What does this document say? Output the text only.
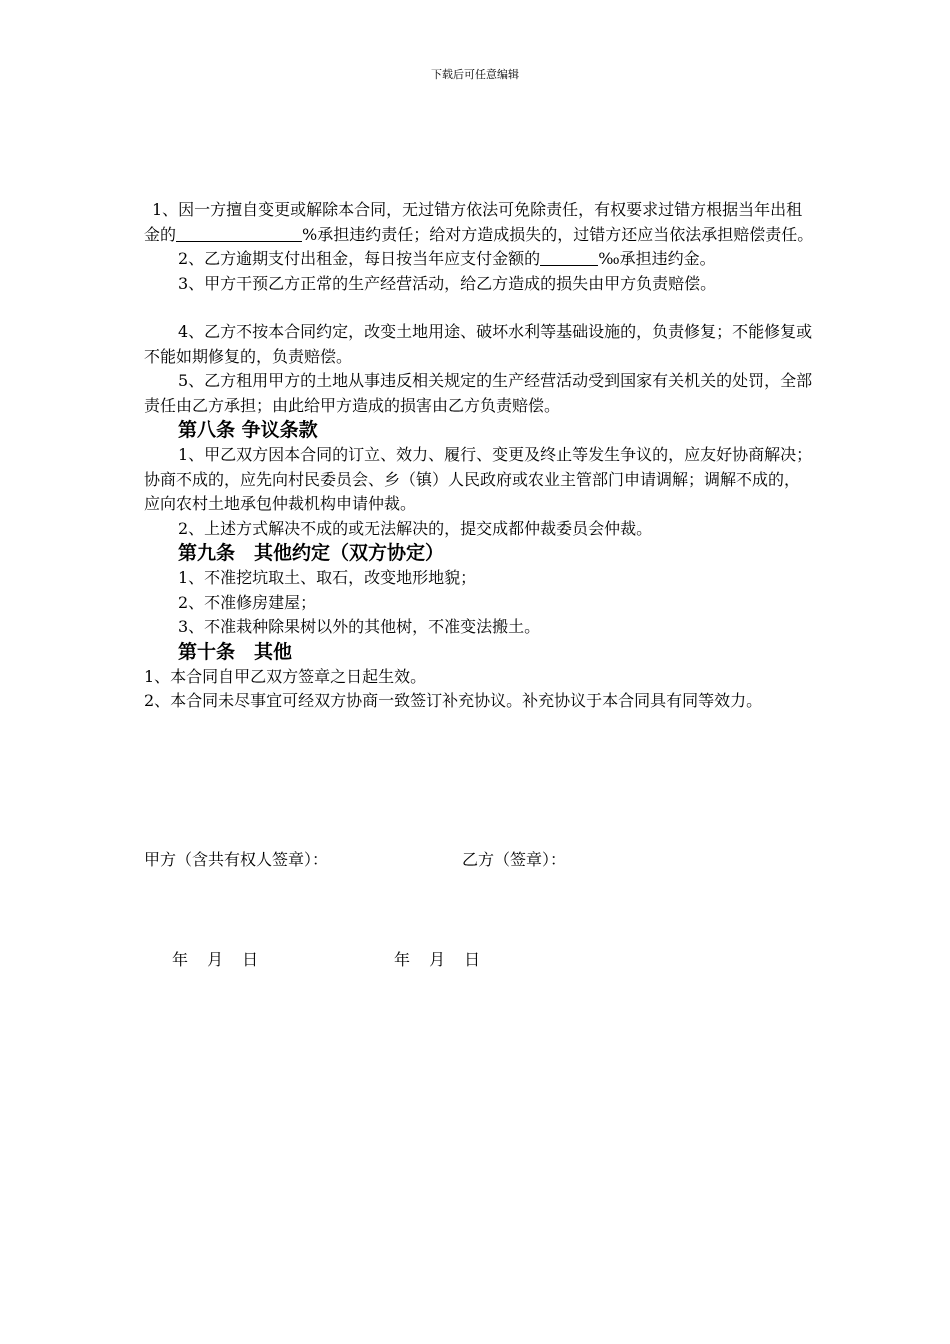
下载后可任意编辑

1、因一方擅自变更或解除本合同，无过错方依法可免除责任，有权要求过错方根据当年出租金的	%承担违约责任；给对方造成损失的，过错方还应当依法承担赔偿责任。

2、乙方逾期支付出租金，每日按当年应支付金额的	‰承担违约金。

3、甲方干预乙方正常的生产经营活动，给乙方造成的损失由甲方负责赔偿。

4、乙方不按本合同约定，改变土地用途、破坏水利等基础设施的，负责修复；不能修复或不能如期修复的，负责赔偿。

5、乙方租用甲方的土地从事违反相关规定的生产经营活动受到国家有关机关的处罚，全部责任由乙方承担；由此给甲方造成的损害由乙方负责赔偿。

第八条 争议条款

1、甲乙双方因本合同的订立、效力、履行、变更及终止等发生争议的，应友好协商解决；协商不成的，应先向村民委员会、乡（镇）人民政府或农业主管部门申请调解；调解不成的，应向农村土地承包仲裁机构申请仲裁。

2、上述方式解决不成的或无法解决的，提交成都仲裁委员会仲裁。

第九条　其他约定（双方协定）

1、不准挖坑取土、取石，改变地形地貌；

2、不准修房建屋；

3、不准栽种除果树以外的其他树，不准变法搬土。

第十条　其他

1、本合同自甲乙双方签章之日起生效。

2、本合同未尽事宜可经双方协商一致签订补充协议。补充协议于本合同具有同等效力。

甲方（含共有权人签章）：	乙方（签章）：
年 月 日	年 月 日
